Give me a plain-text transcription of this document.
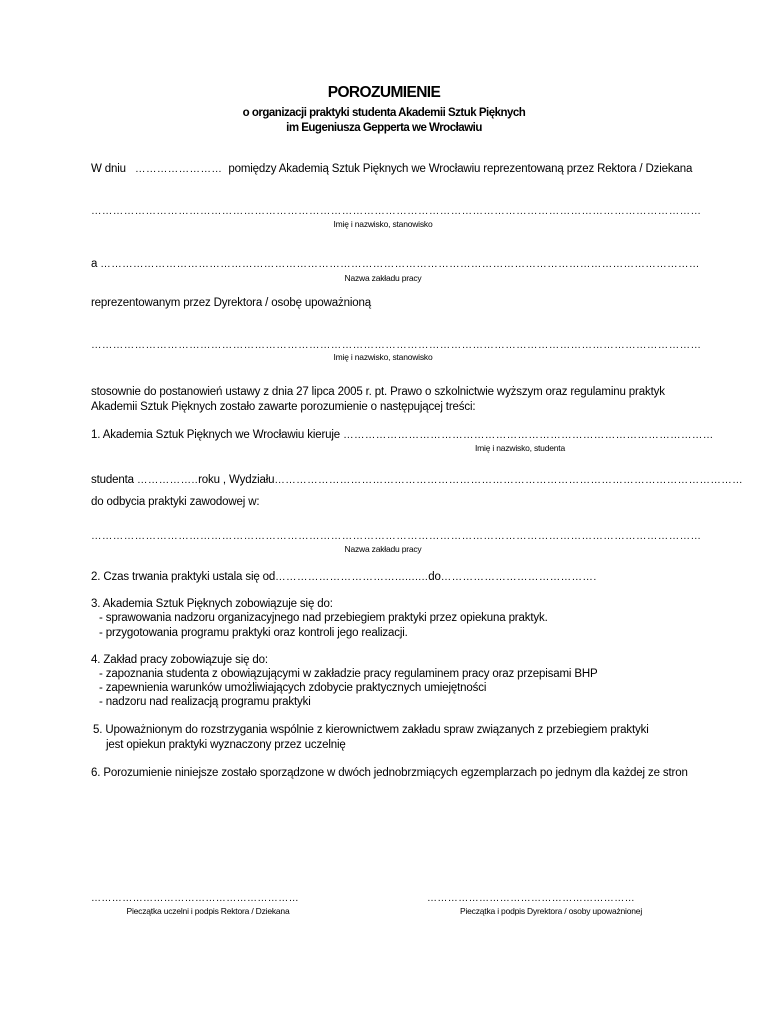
POROZUMIENIE
o organizacji praktyki studenta Akademii Sztuk Pięknych
im Eugeniusza Gepperta we Wrocławiu
W dniu …………………… pomiędzy Akademią Sztuk Pięknych we Wrocławiu reprezentowaną przez Rektora / Dziekana
……………………………………………………………………………………………………………………………………………………
Imię i nazwisko, stanowisko
a …………………………………………………………………………………………………………………………………………………
Nazwa zakładu pracy
reprezentowanym przez Dyrektora / osobę upoważnioną
……………………………………………………………………………………………………………………………………………………
Imię i nazwisko, stanowisko
stosownie do postanowień ustawy z dnia 27 lipca 2005 r. pt. Prawo o szkolnictwie wyższym oraz regulaminu praktyk
Akademii Sztuk Pięknych zostało zawarte porozumienie o następującej treści:
1. Akademia Sztuk Pięknych we Wrocławiu kieruje …………………………………………………………………………………………
Imię i nazwisko, studenta
studenta ……………..roku , Wydziału…………………………………………………………………………………………………………………
do odbycia praktyki zawodowej w:
……………………………………………………………………………………………………………………………………………………
Nazwa zakładu pracy
2. Czas trwania praktyki ustala się od……………………………..........do…………………………………….
3. Akademia Sztuk Pięknych zobowiązuje się do:
- sprawowania nadzoru organizacyjnego nad przebiegiem praktyki przez opiekuna praktyk.
- przygotowania programu praktyki oraz kontroli jego realizacji.
4. Zakład pracy zobowiązuje się do:
- zapoznania studenta z obowiązującymi w zakładzie pracy regulaminem pracy oraz przepisami BHP
- zapewnienia warunków umożliwiających zdobycie praktycznych umiejętności
- nadzoru nad realizacją programu praktyki
5. Upoważnionym do rozstrzygania wspólnie z kierownictwem zakładu spraw związanych z przebiegiem praktyki
jest opiekun praktyki wyznaczony przez uczelnię
6. Porozumienie niniejsze zostało sporządzone w dwóch jednobrzmiących egzemplarzach po jednym dla każdej ze stron
……………………………………………………
Pieczątka uczelni i podpis Rektora / Dziekana
……………………………………………………
Pieczątka i podpis Dyrektora / osoby upoważnionej
